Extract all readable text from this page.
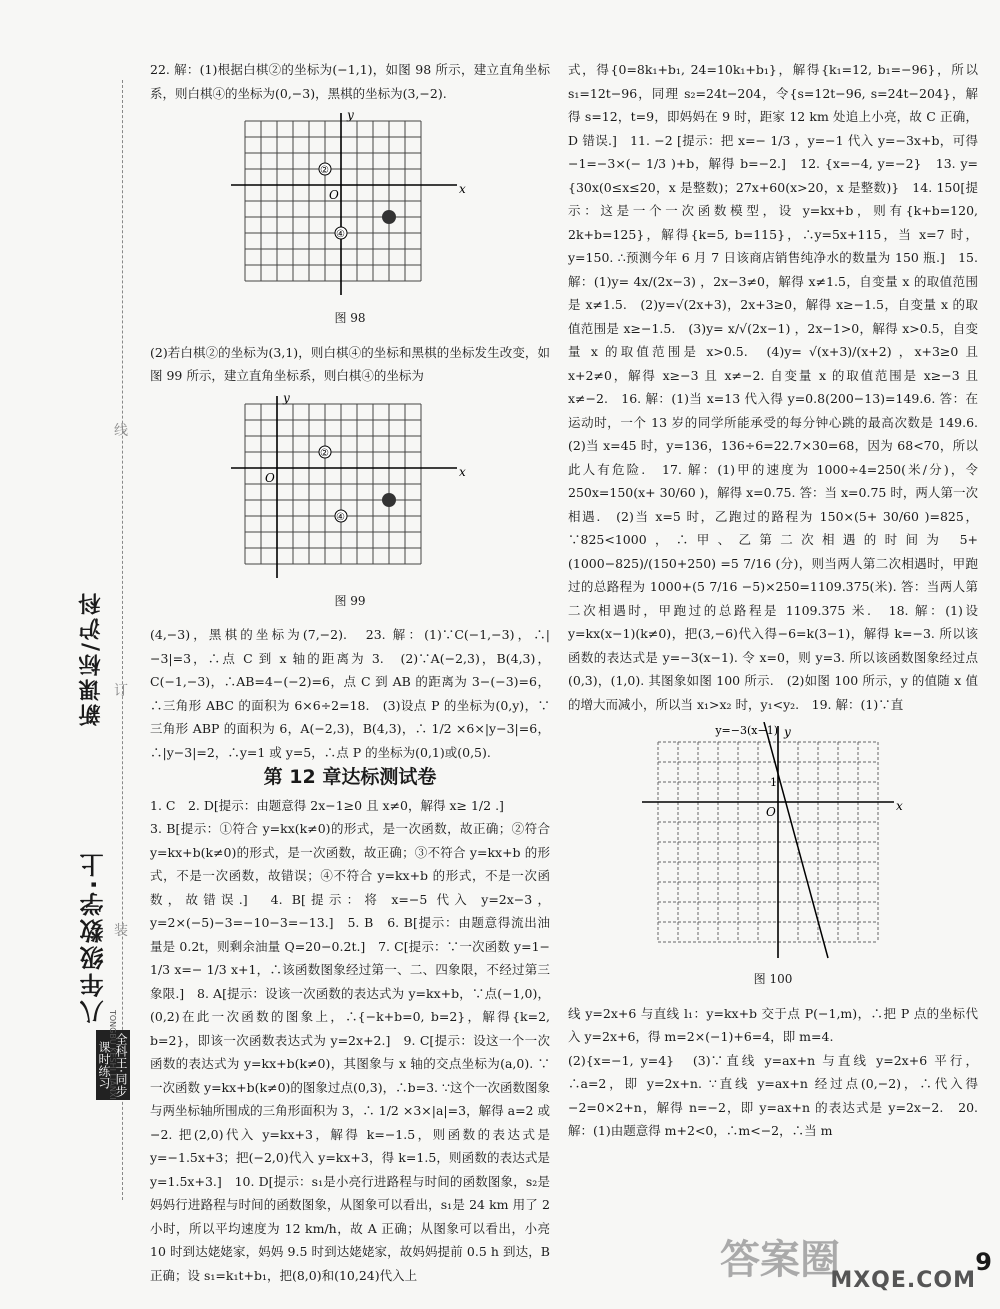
新课标/沪科
八年级数学·上
线
订
装
全科王·同步课时练习
TONGBU KESHI LIANXI

22. 解：(1)根据白棋②的坐标为(−1,1)，如图 98 所示，建立直角坐标系，则白棋④的坐标为(0,−3)，黑棋的坐标为(3,−2).

x
y
O
②
④
图 98

(2)若白棋②的坐标为(3,1)，则白棋④的坐标和黑棋的坐标发生改变，如图 99 所示，建立直角坐标系，则白棋④的坐标为

x
y
O
②
④
图 99

(4,−3)，黑棋的坐标为(7,−2).　23. 解：(1)∵C(−1,−3)，∴|−3|=3，∴点 C 到 x 轴的距离为 3.　(2)∵A(−2,3)，B(4,3)，C(−1,−3)，∴AB=4−(−2)=6，点 C 到 AB 的距离为 3−(−3)=6，∴三角形 ABC 的面积为 6×6÷2=18.　(3)设点 P 的坐标为(0,y)，∵三角形 ABP 的面积为 6，A(−2,3)，B(4,3)，∴ 1/2 ×6×|y−3|=6，∴|y−3|=2，∴y=1 或 y=5，∴点 P 的坐标为(0,1)或(0,5).

第 12 章达标测试卷

1. C　2. D[提示：由题意得 2x−1≥0 且 x≠0，解得 x≥ 1/2 .]

3. B[提示：①符合 y=kx(k≠0)的形式，是一次函数，故正确；②符合 y=kx+b(k≠0)的形式，是一次函数，故正确；③不符合 y=kx+b 的形式，不是一次函数，故错误；④不符合 y=kx+b 的形式，不是一次函数，故错误.]　4. B[提示：将 x=−5 代入 y=2x−3，y=2×(−5)−3=−10−3=−13.]　5. B　6. B[提示：由题意得流出油量是 0.2t，则剩余油量 Q=20−0.2t.]　7. C[提示：∵一次函数 y=1− 1/3 x=− 1/3 x+1，∴该函数图象经过第一、二、四象限，不经过第三象限.]　8. A[提示：设该一次函数的表达式为 y=kx+b，∵点(−1,0)，(0,2)在此一次函数的图象上，∴{−k+b=0, b=2}，解得{k=2, b=2}，即该一次函数表达式为 y=2x+2.]　9. C[提示：设这一个一次函数的表达式为 y=kx+b(k≠0)，其图象与 x 轴的交点坐标为(a,0). ∵一次函数 y=kx+b(k≠0)的图象过点(0,3)，∴b=3. ∵这个一次函数图象与两坐标轴所围成的三角形面积为 3，∴ 1/2 ×3×|a|=3，解得 a=2 或−2. 把(2,0)代入 y=kx+3，解得 k=−1.5，则函数的表达式是 y=−1.5x+3；把(−2,0)代入 y=kx+3，得 k=1.5，则函数的表达式是 y=1.5x+3.]　10. D[提示：s₁是小亮行进路程与时间的函数图象，s₂是妈妈行进路程与时间的函数图象，从图象可以看出，s₁是 24 km 用了 2 小时，所以平均速度为 12 km/h，故 A 正确；从图象可以看出，小亮 10 时到达姥姥家，妈妈 9.5 时到达姥姥家，故妈妈提前 0.5 h 到达，B 正确；设 s₁=k₁t+b₁，把(8,0)和(10,24)代入上

式，得{0=8k₁+b₁, 24=10k₁+b₁}，解得{k₁=12, b₁=−96}，所以 s₁=12t−96，同理 s₂=24t−204，令{s=12t−96, s=24t−204}，解得 s=12，t=9，即妈妈在 9 时，距家 12 km 处追上小亮，故 C 正确，D 错误.]　11. −2 [提示：把 x=− 1/3 ，y=−1 代入 y=−3x+b，可得−1=−3×(− 1/3 )+b，解得 b=−2.]　12. {x=−4, y=−2}　13. y= {30x(0≤x≤20，x 是整数)；27x+60(x>20，x 是整数)}　14. 150[提示：这是一个一次函数模型，设 y=kx+b，则有{k+b=120, 2k+b=125}，解得{k=5, b=115}，∴y=5x+115，当 x=7 时，y=150. ∴预测今年 6 月 7 日该商店销售纯净水的数量为 150 瓶.]　15. 解：(1)y= 4x/(2x−3) ，2x−3≠0，解得 x≠1.5，自变量 x 的取值范围是 x≠1.5.　(2)y=√(2x+3)，2x+3≥0，解得 x≥−1.5，自变量 x 的取值范围是 x≥−1.5.　(3)y= x/√(2x−1) ，2x−1>0，解得 x>0.5，自变量 x 的取值范围是 x>0.5.　(4)y= √(x+3)/(x+2) ，x+3≥0 且 x+2≠0，解得 x≥−3 且 x≠−2. 自变量 x 的取值范围是 x≥−3 且 x≠−2.　16. 解：(1)当 x=13 代入得 y=0.8(200−13)=149.6. 答：在运动时，一个 13 岁的同学所能承受的每分钟心跳的最高次数是 149.6.　(2)当 x=45 时，y=136，136÷6=22.7×30=68，因为 68<70，所以此人有危险.　17. 解：(1)甲的速度为 1000÷4=250(米/分)，令 250x=150(x+ 30/60 )，解得 x=0.75. 答：当 x=0.75 时，两人第一次相遇.　(2)当 x=5 时，乙跑过的路程为 150×(5+ 30/60 )=825，∵825<1000，∴甲、乙第二次相遇的时间为 5+ (1000−825)/(150+250) =5 7/16 (分)，则当两人第二次相遇时，甲跑过的总路程为 1000+(5 7/16 −5)×250=1109.375(米). 答：当两人第二次相遇时，甲跑过的总路程是 1109.375 米.　18. 解：(1)设 y=kx(x−1)(k≠0)，把(3,−6)代入得−6=k(3−1)，解得 k=−3. 所以该函数的表达式是 y=−3(x−1). 令 x=0，则 y=3. 所以该函数图象经过点(0,3)，(1,0). 其图象如图 100 所示.　(2)如图 100 所示，y 的值随 x 值的增大而减小，所以当 x₁>x₂ 时，y₁<y₂.　19. 解：(1)∵直

y=−3(x−1)
x
y
O
1
图 100

线 y=2x+6 与直线 l₁：y=kx+b 交于点 P(−1,m)，∴把 P 点的坐标代入 y=2x+6，得 m=2×(−1)+6=4，即 m=4.

(2){x=−1, y=4}　(3)∵直线 y=ax+n 与直线 y=2x+6 平行，∴a=2，即 y=2x+n. ∵直线 y=ax+n 经过点(0,−2)，∴代入得−2=0×2+n，解得 n=−2，即 y=ax+n 的表达式是 y=2x−2.　20. 解：(1)由题意得 m+2<0，∴m<−2，∴当 m

答案圈	9
MXQE.COM
